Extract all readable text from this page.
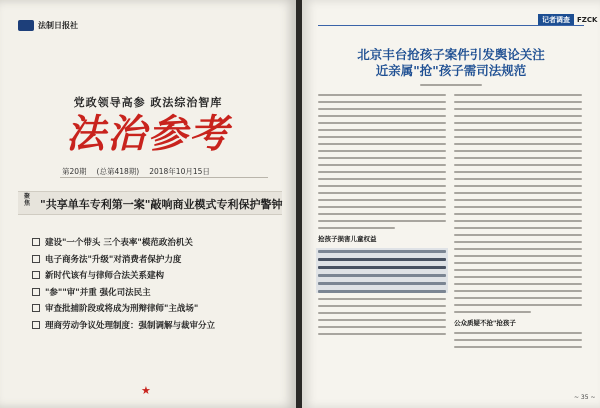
法制日报社
党政领导高参 政法综治智库
法治参考
第20期 (总第418期) 2018年10月15日
聚焦 "共享单车专利第一案"敲响商业模式专利保护警钟
建设"一个带头 三个表率"模范政治机关
电子商务法"升级"对消费者保护力度
新时代该有与律师合法关系建构
"参""审"并重 强化司法民主
审查批捕阶段或将成为刑辩律师"主战场"
理商劳动争议处理制度：强制调解与裁审分立
★
记者调查	FZCK
北京丰台抢孩子案件引发舆论关注
近亲属"抢"孩子需司法规范
抢孩子损害儿童权益
公众质疑不抢"抢孩子
~ 35 ~
